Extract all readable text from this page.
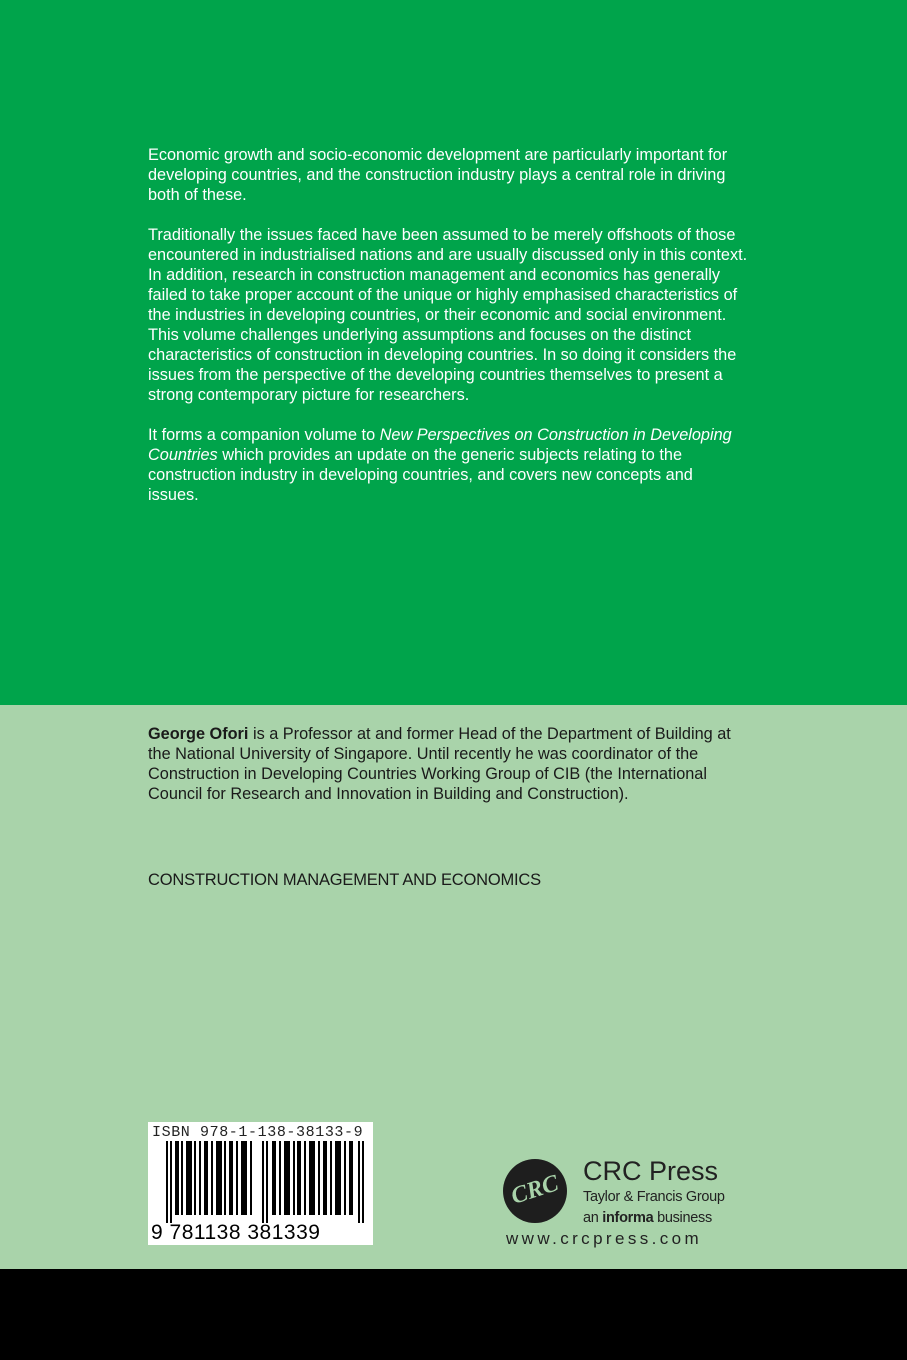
Economic growth and socio-economic development are particularly important for developing countries, and the construction industry plays a central role in driving both of these.

Traditionally the issues faced have been assumed to be merely offshoots of those encountered in industrialised nations and are usually discussed only in this context. In addition, research in construction management and economics has generally failed to take proper account of the unique or highly emphasised characteristics of the industries in developing countries, or their economic and social environment. This volume challenges underlying assumptions and focuses on the distinct characteristics of construction in developing countries. In so doing it considers the issues from the perspective of the developing countries themselves to present a strong contemporary picture for researchers.

It forms a companion volume to New Perspectives on Construction in Developing Countries which provides an update on the generic subjects relating to the construction industry in developing countries, and covers new concepts and issues.

George Ofori is a Professor at and former Head of the Department of Building at the National University of Singapore. Until recently he was coordinator of the Construction in Developing Countries Working Group of CIB (the International Council for Research and Innovation in Building and Construction).

CONSTRUCTION MANAGEMENT AND ECONOMICS
ISBN 978-1-138-38133-9
9 781138 381339
CRC CRC Press
Taylor & Francis Group
an informa business
www.crcpress.com
